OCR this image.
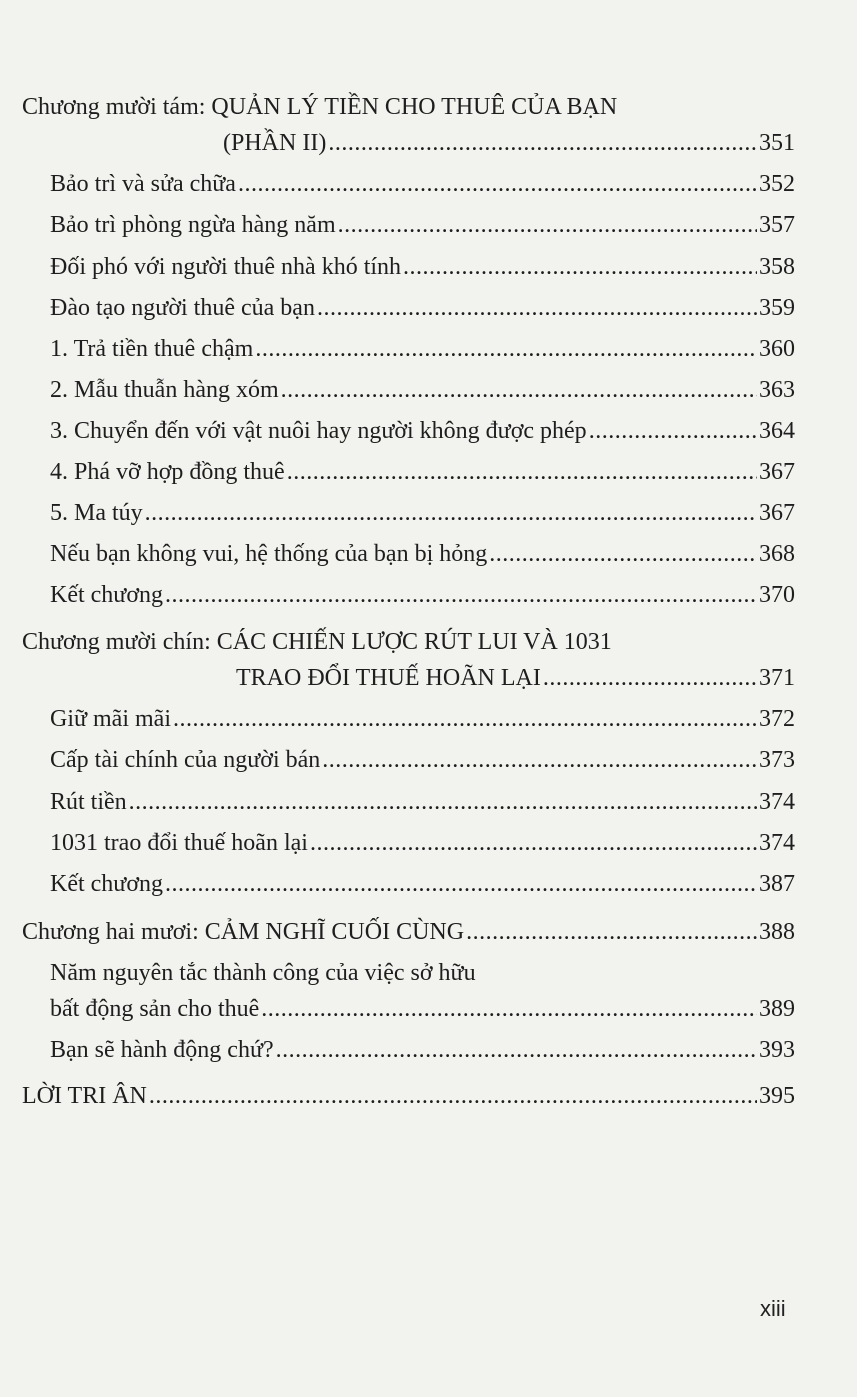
Chương mười tám: QUẢN LÝ TIỀN CHO THUÊ CỦA BẠN
(PHẦN II) .....	351
Bảo trì và sửa chữa .....	352
Bảo trì phòng ngừa hàng năm .....	357
Đối phó với người thuê nhà khó tính .....	358
Đào tạo người thuê của bạn .....	359
1. Trả tiền thuê chậm .....	360
2. Mẫu thuẫn hàng xóm .....	363
3. Chuyển đến với vật nuôi hay người không được phép .....	364
4. Phá vỡ hợp đồng thuê .....	367
5. Ma túy .....	367
Nếu bạn không vui, hệ thống của bạn bị hỏng .....	368
Kết chương .....	370
Chương mười chín: CÁC CHIẾN LƯỢC RÚT LUI VÀ 1031
TRAO ĐỔI THUẾ HOÃN LẠI .....	371
Giữ mãi mãi .....	372
Cấp tài chính của người bán .....	373
Rút tiền .....	374
1031 trao đổi thuế hoãn lại .....	374
Kết chương .....	387
Chương hai mươi: CẢM NGHĨ CUỐI CÙNG .....	388
Năm nguyên tắc thành công của việc sở hữu
bất động sản cho thuê .....	389
Bạn sẽ hành động chứ? .....	393
LỜI TRI ÂN .....	395
xiii
